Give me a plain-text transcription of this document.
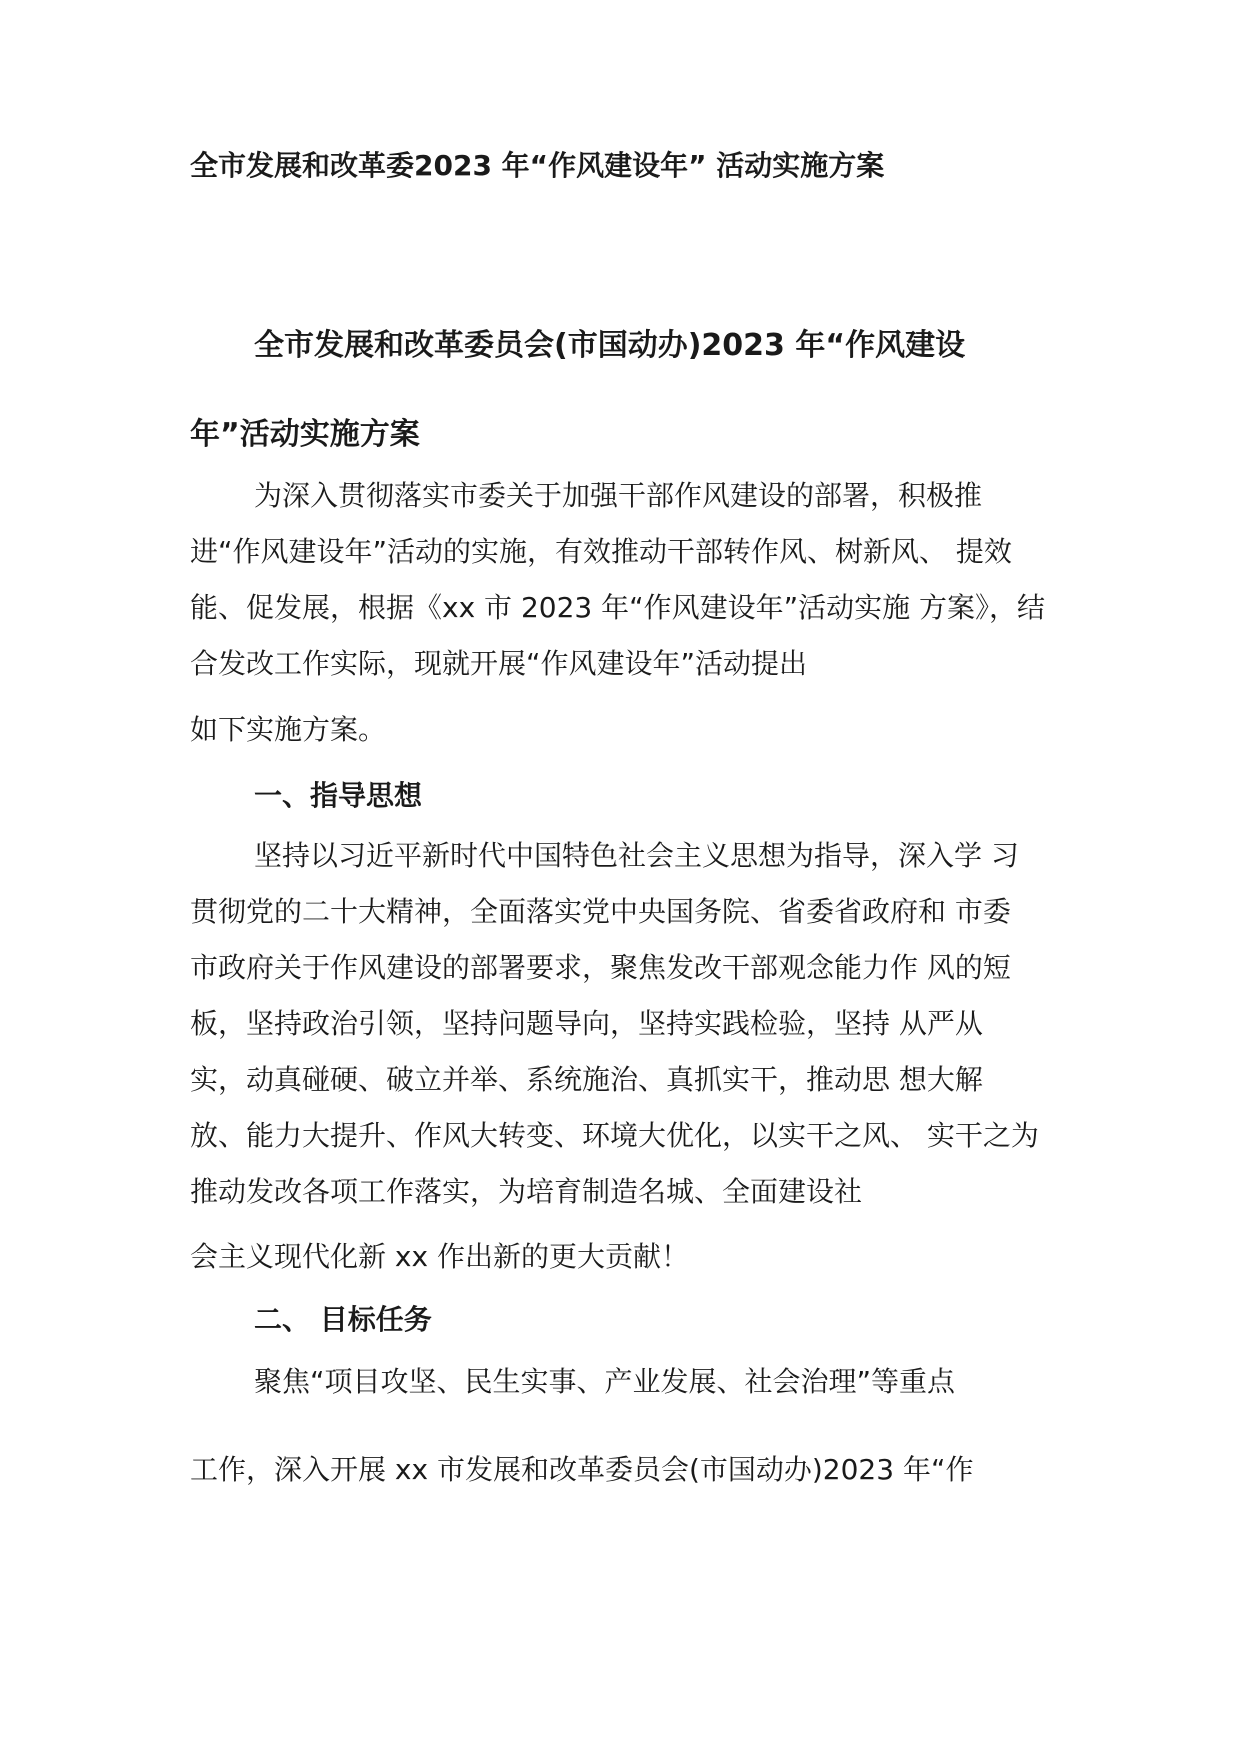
全市发展和改革委2023 年“作风建设年” 活动实施方案
全市发展和改革委员会(市国动办)2023 年“作风建设
年”活动实施方案
为深入贯彻落实市委关于加强干部作风建设的部署，积极推
进“作风建设年”活动的实施，有效推动干部转作风、树新风、 提效
能、促发展，根据《xx 市 2023 年“作风建设年”活动实施 方案》，结
合发改工作实际，现就开展“作风建设年”活动提出
如下实施方案。
一、指导思想
坚持以习近平新时代中国特色社会主义思想为指导，深入学 习
贯彻党的二十大精神，全面落实党中央国务院、省委省政府和 市委
市政府关于作风建设的部署要求，聚焦发改干部观念能力作 风的短
板，坚持政治引领，坚持问题导向，坚持实践检验，坚持 从严从
实，动真碰硬、破立并举、系统施治、真抓实干，推动思 想大解
放、能力大提升、作风大转变、环境大优化，以实干之风、 实干之为
推动发改各项工作落实，为培育制造名城、全面建设社
会主义现代化新 xx 作出新的更大贡献！
二、 目标任务
聚焦“项目攻坚、民生实事、产业发展、社会治理”等重点
工作，深入开展 xx 市发展和改革委员会(市国动办)2023 年“作
